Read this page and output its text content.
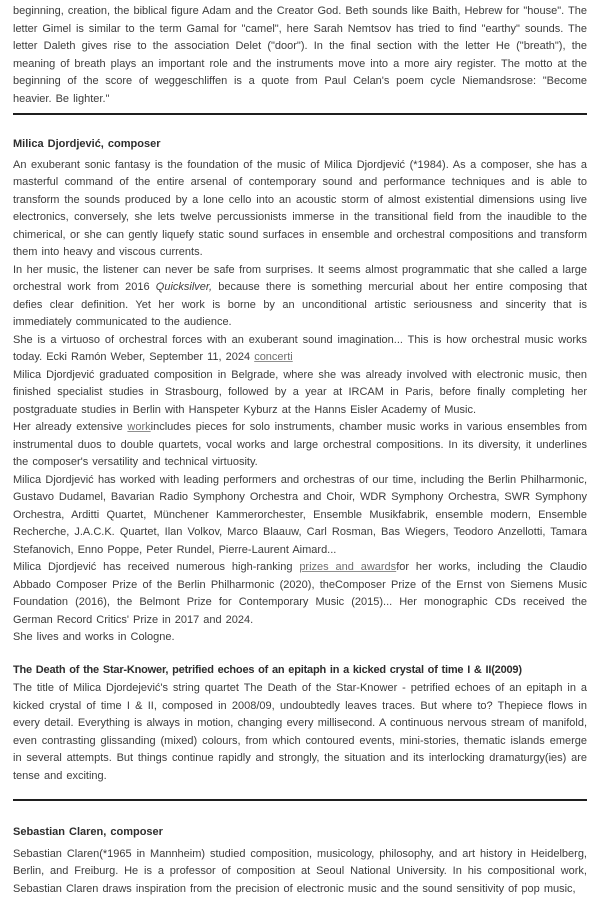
beginning, creation, the biblical figure Adam and the Creator God. Beth sounds like Baith, Hebrew for "house". The letter Gimel is similar to the term Gamal for "camel", here Sarah Nemtsov has tried to find "earthy" sounds. The letter Daleth gives rise to the association Delet ("door"). In the final section with the letter He ("breath"), the meaning of breath plays an important role and the instruments move into a more airy register. The motto at the beginning of the score of weggeschliffen is a quote from Paul Celan's poem cycle Niemandsrose: "Become heavier. Be lighter."

Milica Djordjević, composer

An exuberant sonic fantasy is the foundation of the music of Milica Djordjević (*1984). As a composer, she has a masterful command of the entire arsenal of contemporary sound and performance techniques and is able to transform the sounds produced by a lone cello into an acoustic storm of almost existential dimensions using live electronics, conversely, she lets twelve percussionists immerse in the transitional field from the inaudible to the chimerical, or she can gently liquefy static sound surfaces in ensemble and orchestral compositions and transform them into heavy and viscous currents.

In her music, the listener can never be safe from surprises. It seems almost programmatic that she called a large orchestral work from 2016 Quicksilver, because there is something mercurial about her entire composing that defies clear definition. Yet her work is borne by an unconditional artistic seriousness and sincerity that is immediately communicated to the audience.

She is a virtuoso of orchestral forces with an exuberant sound imagination... This is how orchestral music works today. Ecki Ramón Weber, September 11, 2024 concerti

Milica Djordjević graduated composition in Belgrade, where she was already involved with electronic music, then finished specialist studies in Strasbourg, followed by a year at IRCAM in Paris, before finally completing her postgraduate studies in Berlin with Hanspeter Kyburz at the Hanns Eisler Academy of Music.

Her already extensive workincludes pieces for solo instruments, chamber music works in various ensembles from instrumental duos to double quartets, vocal works and large orchestral compositions. In its diversity, it underlines the composer's versatility and technical virtuosity.

Milica Djordjević has worked with leading performers and orchestras of our time, including the Berlin Philharmonic, Gustavo Dudamel, Bavarian Radio Symphony Orchestra and Choir, WDR Symphony Orchestra, SWR Symphony Orchestra, Arditti Quartet, Münchener Kammerorchester, Ensemble Musikfabrik, ensemble modern, Ensemble Recherche, J.A.C.K. Quartet, Ilan Volkov, Marco Blaauw, Carl Rosman, Bas Wiegers, Teodoro Anzellotti, Tamara Stefanovich, Enno Poppe, Peter Rundel, Pierre-Laurent Aimard...

Milica Djordjević has received numerous high-ranking prizes and awardsfor her works, including the Claudio Abbado Composer Prize of the Berlin Philharmonic (2020), theComposer Prize of the Ernst von Siemens Music Foundation (2016), the Belmont Prize for Contemporary Music (2015)... Her monographic CDs received the German Record Critics' Prize in 2017 and 2024.

She lives and works in Cologne.

The Death of the Star-Knower, petrified echoes of an epitaph in a kicked crystal of time I & II(2009)

The title of Milica Djordejević's string quartet The Death of the Star-Knower - petrified echoes of an epitaph in a kicked crystal of time I & II, composed in 2008/09, undoubtedly leaves traces. But where to? Thepiece flows in every detail. Everything is always in motion, changing every millisecond. A continuous nervous stream of manifold, even contrasting glissanding (mixed) colours, from which contoured events, mini-stories, thematic islands emerge in several attempts. But things continue rapidly and strongly, the situation and its interlocking dramaturgy(ies) are tense and exciting.

Sebastian Claren, composer

Sebastian Claren(*1965 in Mannheim) studied composition, musicology, philosophy, and art history in Heidelberg, Berlin, and Freiburg. He is a professor of composition at Seoul National University. In his compositional work, Sebastian Claren draws inspiration from the precision of electronic music and the sound sensitivity of pop music,
